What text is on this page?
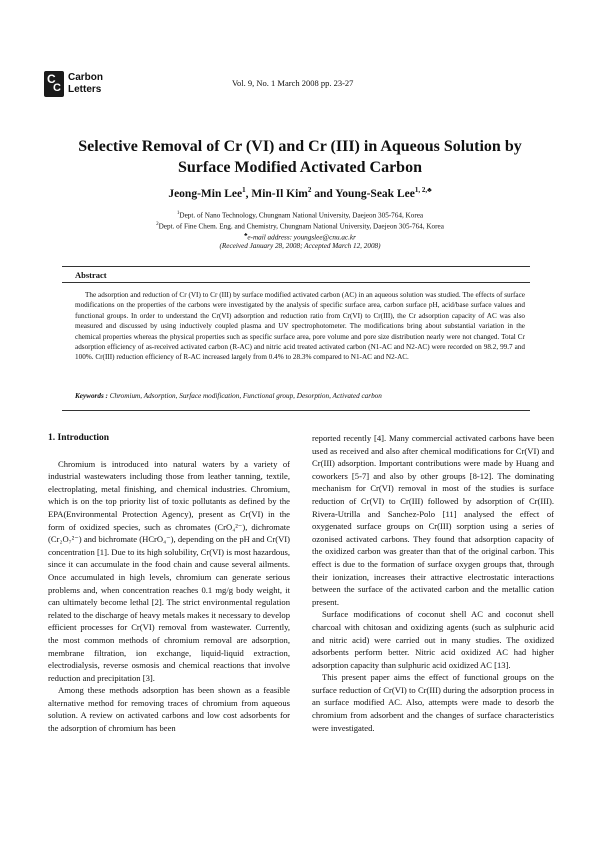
C
C
Carbon
Letters
Vol. 9, No. 1 March 2008 pp. 23-27
Selective Removal of Cr (VI) and Cr (III) in Aqueous Solution by
Surface Modified Activated Carbon
Jeong-Min Lee$^1$, Min-Il Kim$^2$ and Young-Seak Lee$^{1, 2,♣}$
$^1$Dept. of Nano Technology, Chungnam National University, Daejeon 305-764, Korea
$^2$Dept. of Fine Chem. Eng. and Chemistry, Chungnam National University, Daejeon 305-764, Korea
♣e-mail address: youngslee@cnu.ac.kr
(Received January 28, 2008; Accepted March 12, 2008)
Abstract

The adsorption and reduction of Cr (VI) to Cr (III) by surface modified activated carbon (AC) in an aqueous solution was studied. The effects of surface modifications on the properties of the carbons were investigated by the analysis of specific surface area, carbon surface pH, acid/base surface values and functional groups. In order to understand the Cr(VI) adsorption and reduction ratio from Cr(VI) to Cr(III), the Cr adsorption capacity of AC was also measured and discussed by using inductively coupled plasma and UV spectrophotometer. The modifications bring about substantial variation in the chemical properties whereas the physical properties such as specific surface area, pore volume and pore size distribution nearly were not changed. Total Cr adsorption efficiency of as-received activated carbon (R-AC) and nitric acid treated activated carbon (N1-AC and N2-AC) were recorded on 98.2, 99.7 and 100%. Cr(III) reduction efficiency of R-AC increased largely from 0.4% to 28.3% compared to N1-AC and N2-AC.

Keywords : Chromium, Adsorption, Surface modification, Functional group, Desorption, Activated carbon
1. Introduction

Chromium is introduced into natural waters by a variety of industrial wastewaters including those from leather tanning, textile, electroplating, metal finishing, and chemical industries. Chromium, which is on the top priority list of toxic pollutants as defined by the EPA(Environmental Protection Agency), present as Cr(VI) in the form of oxidized species, such as chromates (CrO₄²⁻), dichromate (Cr₂O₇²⁻) and bichromate (HCrO₄⁻), depending on the pH and Cr(VI) concentration [1]. Due to its high solubility, Cr(VI) is most hazardous, since it can accumulate in the food chain and cause several ailments. Once accumulated in high levels, chromium can generate serious problems and, when concentration reaches 0.1 mg/g body weight, it can ultimately become lethal [2]. The strict environmental regulation related to the discharge of heavy metals makes it necessary to develop efficient processes for Cr(VI) removal from wastewater. Currently, the most common methods of chromium removal are adsorption, membrane filtration, ion exchange, liquid-liquid extraction, electrodialysis, reverse osmosis and chemical reactions that involve reduction and precipitation [3].

Among these methods adsorption has been shown as a feasible alternative method for removing traces of chromium from aqueous solution. A review on activated carbons and low cost adsorbents for the adsorption of chromium has been

reported recently [4]. Many commercial activated carbons have been used as received and also after chemical modifications for Cr(VI) and Cr(III) adsorption. Important contributions were made by Huang and coworkers [5-7] and also by other groups [8-12]. The dominating mechanism for Cr(VI) removal in most of the studies is surface reduction of Cr(VI) to Cr(III) followed by adsorption of Cr(III). Rivera-Utrilla and Sanchez-Polo [11] analysed the effect of oxygenated surface groups on Cr(III) sorption using a series of ozonised activated carbons. They found that adsorption capacity of the oxidized carbon was greater than that of the original carbon. This effect is due to the formation of surface oxygen groups that, through their ionization, increases their attractive electrostatic interactions between the surface of the activated carbon and the metallic cation present.

Surface modifications of coconut shell AC and coconut shell charcoal with chitosan and oxidizing agents (such as sulphuric acid and nitric acid) were carried out in many studies. The oxidized adsorbents perform better. Nitric acid oxidized AC had higher adsorption capacity than sulphuric acid oxidized AC [13].

This present paper aims the effect of functional groups on the surface reduction of Cr(VI) to Cr(III) during the adsorption process in an surface modified AC. Also, attempts were made to desorb the chromium from adsorbent and the changes of surface characteristics were investigated.
